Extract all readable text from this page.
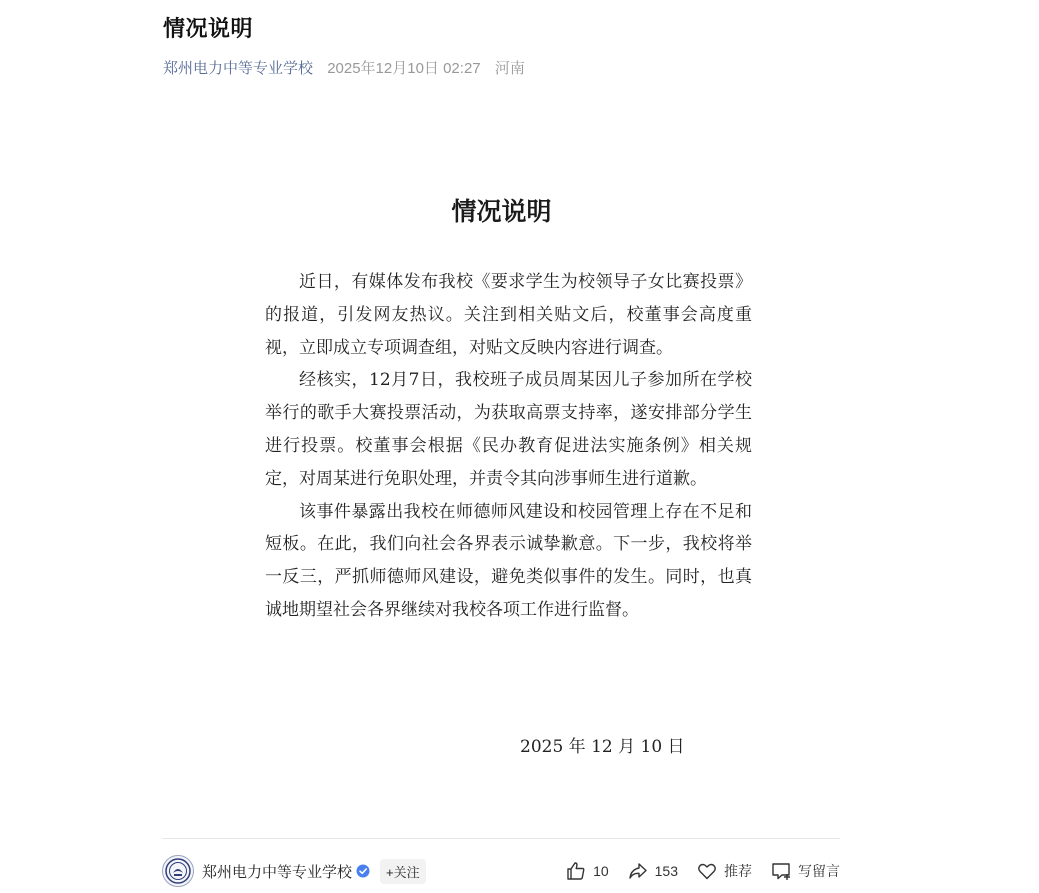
情况说明
郑州电力中等专业学校 2025年12月10日 02:27 河南
情况说明

近日，有媒体发布我校《要求学生为校领导子女比赛投票》的报道，引发网友热议。关注到相关贴文后，校董事会高度重视，立即成立专项调查组，对贴文反映内容进行调查。

经核实，12月7日，我校班子成员周某因儿子参加所在学校举行的歌手大赛投票活动，为获取高票支持率，遂安排部分学生进行投票。校董事会根据《民办教育促进法实施条例》相关规定，对周某进行免职处理，并责令其向涉事师生进行道歉。

该事件暴露出我校在师德师风建设和校园管理上存在不足和短板。在此，我们向社会各界表示诚挚歉意。下一步，我校将举一反三，严抓师德师风建设，避免类似事件的发生。同时，也真诚地期望社会各界继续对我校各项工作进行监督。

2025 年 12 月 10 日
郑州电力中等专业学校	+关注	10	153	推荐	写留言
